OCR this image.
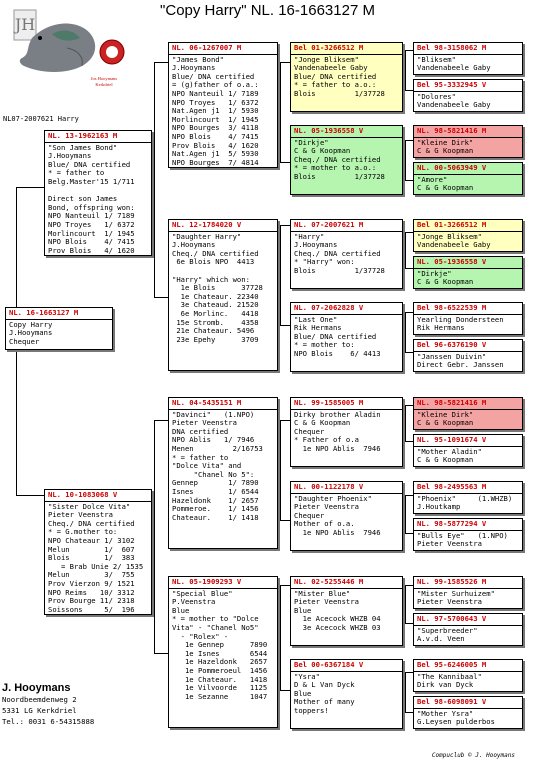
"Copy Harry" NL. 16-1663127 M
JH
Jos Hooymans
Kerkdriel
NL07-2007621 Harry
NL. 16-1663127 M
Copy Harry
J.Hooymans
Chequer
NL. 13-1962163 M
"Son James Bond"
J.Hooymans
Blue/ DNA certified
* = father to
Belg.Master'15 1/711

Direct son James
Bond, offspring won:
NPO Nanteuil 1/ 7189
NPO Troyes   1/ 6372
Morlincourt  1/ 1945
NPO Blois    4/ 7415
Prov Blois   4/ 1620
NL. 10-1083068 V
"Sister Dolce Vita"
Pieter Veenstra
Cheq./ DNA certified
* = G.mother to:
NPO Chateaur 1/ 3102
Melun        1/  607
Blois        1/  383
= Brab Unie 2/ 1535
Melun        3/  755
Prov Vierzon 9/ 1521
NPO Reims   10/ 3312
Prov Bourge 11/ 2318
Soissons     5/  196
NL. 06-1267007 M
"James Bond"
J.Hooymans
Blue/ DNA certified
= (g)father of o.a.:
NPO Nanteuil 1/ 7189
NPO Troyes   1/ 6372
Nat.Agen j1  1/ 5930
Morlincourt  1/ 1945
NPO Bourges  3/ 4118
NPO Blois    4/ 7415
Prov Blois   4/ 1620
Nat.Agen j1  5/ 5930
NPO Bourges  7/ 4814
NL. 12-1784020 V
"Daughter Harry"
J.Hooymans
Cheq./ DNA certified
6e Blois NPO  4413

"Harry" which won:
1e Blois      37728
1e Chateaur. 22340
3e Chateaud. 21520
6e Morlinc.   4418
15e Stromb.    4358
21e Chateaur. 5496
23e Epehy      3709
NL. 04-5435151 M
"Davinci"   (1.NPO)
Pieter Veenstra
DNA certified
NPO Ablis   1/ 7946
Menen         2/16753
* = father to
"Dolce Vita" and
"Chanel No 5":
Gennep       1/ 7890
Isnes        1/ 6544
Hazeldonk    1/ 2657
Pommeroe.    1/ 1456
Chateaur.    1/ 1418
NL. 05-1909293 V
"Special Blue"
P.Veenstra
Blue
* = mother to "Dolce
Vita" - "Chanel No5"
- "Rolex" -
1e Gennep      7890
1e Isnes       6544
1e Hazeldonk   2657
1e Pommeroeul  1456
1e Chateaur.   1418
1e Vilvoorde   1125
1e Sezanne     1047
Bel 01-3266512 M
"Jonge Bliksem"
Vandenabeele Gaby
Blue/ DNA certified
* = father to a.o.:
Blois         1/37728
NL. 05-1936558 V
"Dirkje"
C & G Koopman
Cheq./ DNA certified
* = mother to a.o.:
Blois         1/37728
NL. 07-2007621 M
"Harry"
J.Hooymans
Cheq./ DNA certified
* "Harry" won:
Blois         1/37728
NL. 07-2062828 V
"Last One"
Rik Hermans
Blue/ DNA certified
* = mother to:
NPO Blois    6/ 4413
NL. 99-1585005 M
Dirky brother Aladin
C & G Koopman
Chequer
* Father of o.a
1e NPO Ablis  7946
NL. 00-1122178 V
"Daughter Phoenix"
Pieter Veenstra
Chequer
Mother of o.a.
1e NPO Ablis  7946
NL. 02-5255446 M
"Mister Blue"
Pieter Veenstra
Blue
1e Acecock WHZB 04
3e Acecock WHZB 03
Bel 00-6367184 V
"Ysra"
D & L Van Dyck
Blue
Mother of many
toppers!
Bel 98-3158062 M
"Bliksem"
Vandenabeele Gaby
Bel 95-3332945 V
"Dolores"
Vandenabeele Gaby
NL. 98-5821416 M
"Kleine Dirk"
C & G Koopman
NL. 00-5063949 V
"Amore"
C & G Koopman
Bel 01-3266512 M
"Jonge Bliksem"
Vandenabeele Gaby
NL. 05-1936558 V
"Dirkje"
C & G Koopman
Bel 98-6522539 M
Yearling Dondersteen
Rik Hermans
Bel 96-6376190 V
"Janssen Duivin"
Direct Gebr. Janssen
NL. 98-5821416 M
"Kleine Dirk"
C & G Koopman
NL. 95-1091674 V
"Mother Aladin"
C & G Koopman
Bel 98-2495563 M
"Phoenix"     (1.WHZB)
J.Houtkamp
NL. 98-5877294 V
"Bulls Eye"   (1.NPO)
Pieter Veenstra
NL. 99-1585526 M
"Mister Surhuizem"
Pieter Veenstra
NL. 97-5700643 V
"Superbreeder"
A.v.d. Veen
Bel 95-6246005 M
"The Kannibaal"
Dirk van Dyck
Bel 98-6098091 V
"Mother Ysra"
G.Leysen pulderbos
J. Hooymans
Noordbeemdenweg 2
5331 LG Kerkdriel
Tel.: 0031 6-54315888
Compuclub © J. Hooymans
